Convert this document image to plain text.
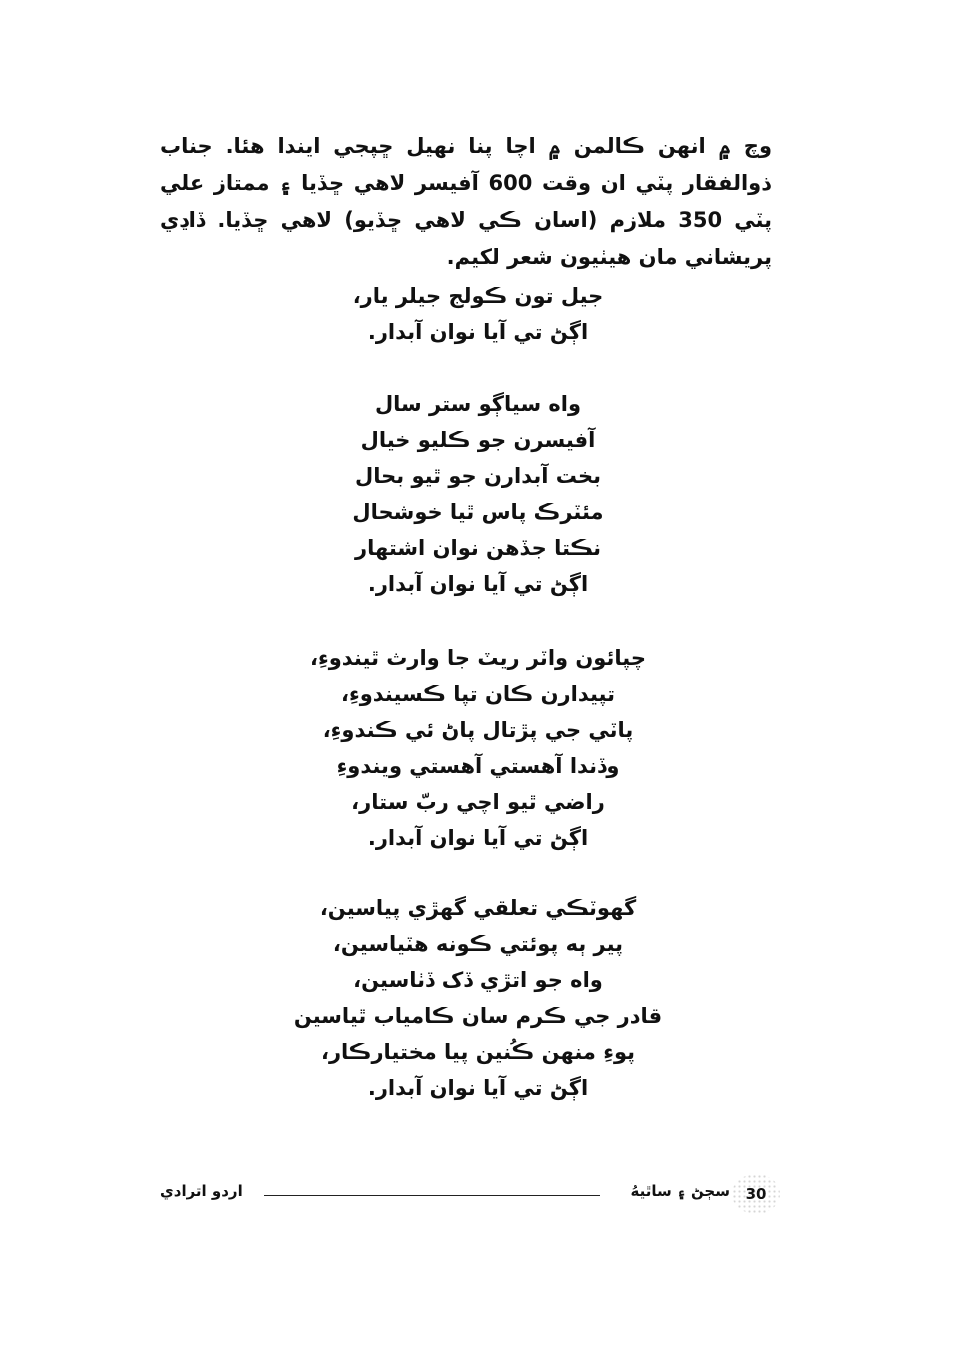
وچ ۾ انهن ڪالمن ۾ اچا پنا نهيل ڇپجي ايندا هئا. جناب ذوالفقار پٽي ان وقت 600 آفيسر لاهي ڇڏيا ۽ ممتاز علي پٽي 350 ملازم (اسان ڪي لاهي ڇڏيو) لاهي ڇڏيا. ڏاڍي پريشاني مان هيٺيون شعر لکيم.

جيل تون ڪولج جيلر يار،
اڳڻ تي آيا نوان آبدار.
واه سياڳو ستر سال
آفيسرن جو ڪليو خيال
بخت آبدارن جو ٿيو بحال
مئٽرڪ پاس ٿيا خوشحال
نڪتا جڏهن نوان اشتهار
اڳڻ تي آيا نوان آبدار.
چپائون واٽر ريٽ جا وارث ٿيندوءِ،
تپيدارن ڪان تپا ڪسيندوءِ،
پاٽي جي پڙتال پاڻ ئي ڪندوءِ،
وڏندا آهستي آهستي ويندوءِ
راضي ٿيو اچي ربّ ستار،
اڳڻ تي آيا نوان آبدار.
گهوٽڪي تعلقي گهڙي پياسين،
پير ٻه پوئتي ڪونه هٽياسين،
واه جو اتڙي ڏک ڏٺاسين،
قادر جي ڪرم سان ڪامياب ٿياسين
پوءِ منهن ڪُنين پيا مختيارڪار،
اڳڻ تي آيا نوان آبدار.
30
سڄڻ ۽ ساٿيهُ
اردو اترادي
